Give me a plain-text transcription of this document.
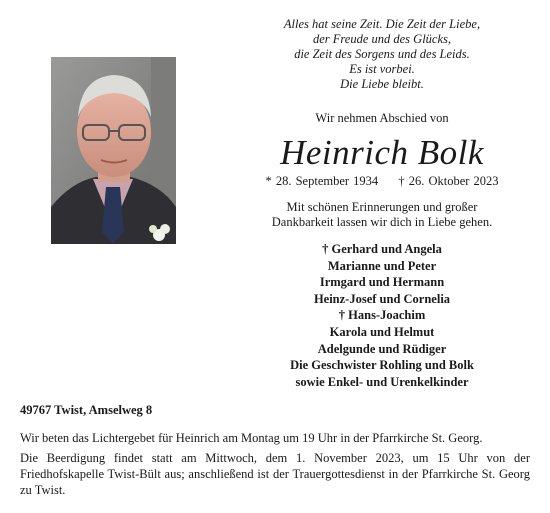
Alles hat seine Zeit. Die Zeit der Liebe,
der Freude und des Glücks,
die Zeit des Sorgens und des Leids.
Es ist vorbei.
Die Liebe bleibt.
Wir nehmen Abschied von
Heinrich Bolk
* 28. September 1934 † 26. Oktober 2023
Mit schönen Erinnerungen und großer
Dankbarkeit lassen wir dich in Liebe gehen.
† Gerhard und Angela
Marianne und Peter
Irmgard und Hermann
Heinz-Josef und Cornelia
† Hans-Joachim
Karola und Helmut
Adelgunde und Rüdiger
Die Geschwister Rohling und Bolk
sowie Enkel- und Urenkelkinder
49767 Twist, Amselweg 8
Wir beten das Lichtergebet für Heinrich am Montag um 19 Uhr in der Pfarrkirche St. Georg.
Die Beerdigung findet statt am Mittwoch, dem 1. November 2023, um 15 Uhr von der Friedhofskapelle Twist-Bült aus; anschließend ist der Trauergottesdienst in der Pfarrkirche St. Georg zu Twist.
